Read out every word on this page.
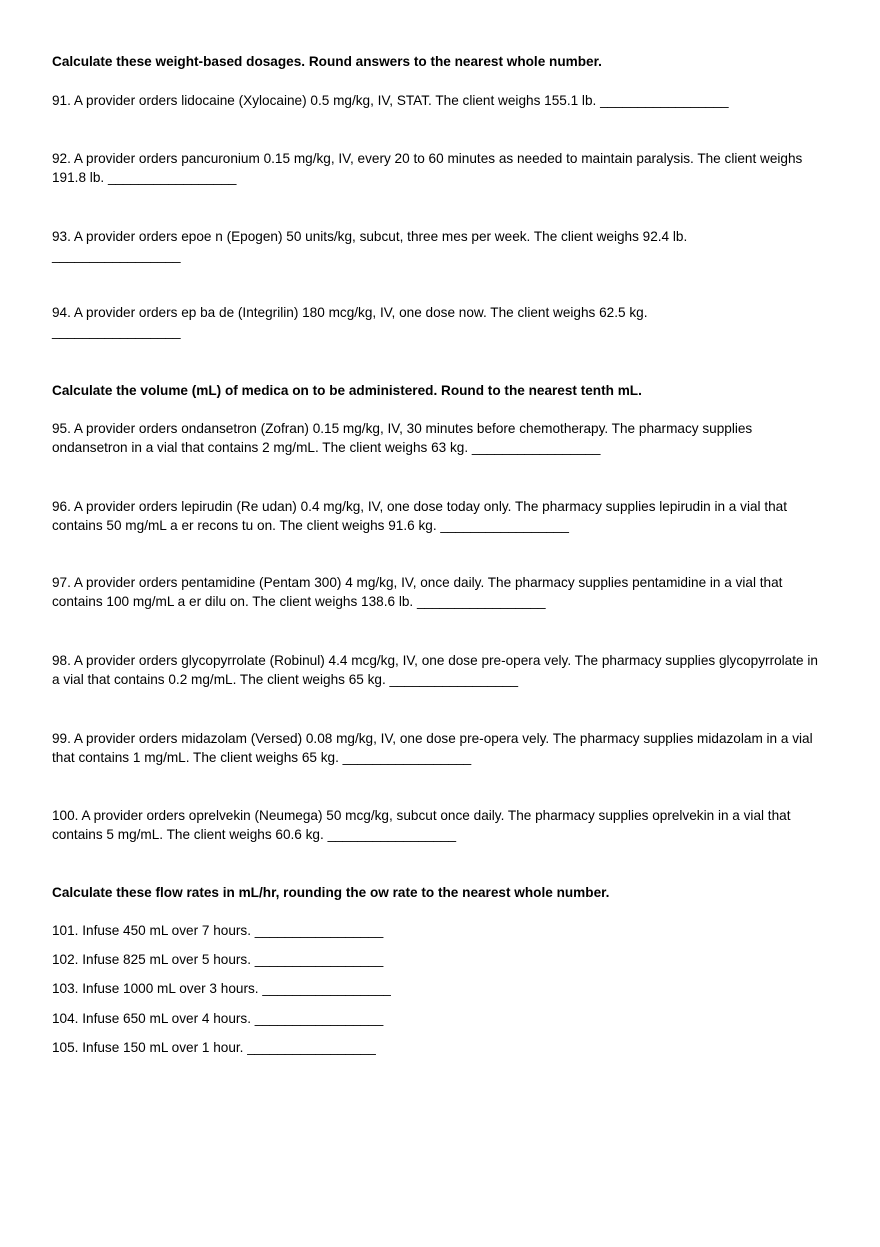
Calculate these weight-based dosages. Round answers to the nearest whole number.

91. A provider orders lidocaine (Xylocaine) 0.5 mg/kg, IV, STAT. The client weighs 155.1 lb. _________________

92. A provider orders pancuronium 0.15 mg/kg, IV, every 20 to 60 minutes as needed to maintain paralysis. The client weighs 191.8 lb. _________________

93. A provider orders epoe n (Epogen) 50 units/kg, subcut, three mes per week. The client weighs 92.4 lb.
_________________

94. A provider orders ep ba de (Integrilin) 180 mcg/kg, IV, one dose now. The client weighs 62.5 kg.
_________________

Calculate the volume (mL) of medica on to be administered. Round to the nearest tenth mL.

95. A provider orders ondansetron (Zofran) 0.15 mg/kg, IV, 30 minutes before chemotherapy. The pharmacy supplies ondansetron in a vial that contains 2 mg/mL. The client weighs 63 kg. _________________

96. A provider orders lepirudin (Re udan) 0.4 mg/kg, IV, one dose today only. The pharmacy supplies lepirudin in a vial that contains 50 mg/mL a er recons tu on. The client weighs 91.6 kg. _________________

97. A provider orders pentamidine (Pentam 300) 4 mg/kg, IV, once daily. The pharmacy supplies pentamidine in a vial that contains 100 mg/mL a er dilu on. The client weighs 138.6 lb. _________________

98. A provider orders glycopyrrolate (Robinul) 4.4 mcg/kg, IV, one dose pre-opera vely. The pharmacy supplies glycopyrrolate in a vial that contains 0.2 mg/mL. The client weighs 65 kg. _________________

99. A provider orders midazolam (Versed) 0.08 mg/kg, IV, one dose pre-opera vely. The pharmacy supplies midazolam in a vial that contains 1 mg/mL. The client weighs 65 kg. _________________

100. A provider orders oprelvekin (Neumega) 50 mcg/kg, subcut once daily. The pharmacy supplies oprelvekin in a vial that contains 5 mg/mL. The client weighs 60.6 kg. _________________

Calculate these flow rates in mL/hr, rounding the ow rate to the nearest whole number.

101. Infuse 450 mL over 7 hours. _________________

102. Infuse 825 mL over 5 hours. _________________

103. Infuse 1000 mL over 3 hours. _________________

104. Infuse 650 mL over 4 hours. _________________

105. Infuse 150 mL over 1 hour. _________________
